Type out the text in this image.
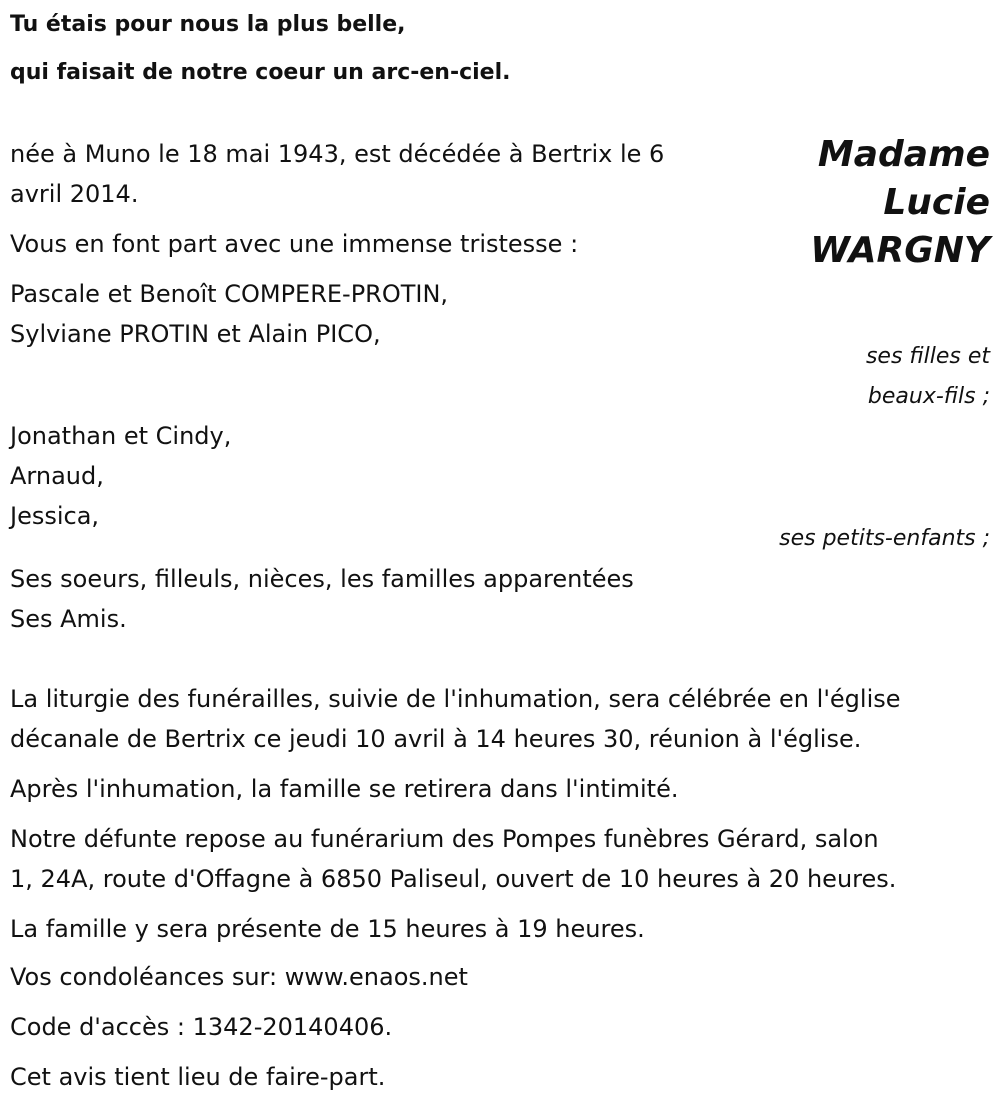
Tu étais pour nous la plus belle,

qui faisait de notre coeur un arc-en-ciel.

Madame

Lucie

WARGNY

née à Muno le 18 mai 1943, est décédée à Bertrix le 6

avril 2014.

Vous en font part avec une immense tristesse :

Pascale et Benoît COMPERE-PROTIN,

Sylviane PROTIN et Alain PICO,

ses filles et

beaux-fils ;

Jonathan et Cindy,

Arnaud,

Jessica,

ses petits-enfants ;

Ses soeurs, filleuls, nièces, les familles apparentées

Ses Amis.

La liturgie des funérailles, suivie de l'inhumation, sera célébrée en l'église

décanale de Bertrix ce jeudi 10 avril à 14 heures 30, réunion à l'église.

Après l'inhumation, la famille se retirera dans l'intimité.

Notre défunte repose au funérarium des Pompes funèbres Gérard, salon

1, 24A, route d'Offagne à 6850 Paliseul, ouvert de 10 heures à 20 heures.

La famille y sera présente de 15 heures à 19 heures.

Vos condoléances sur: www.enaos.net

Code d'accès : 1342-20140406.

Cet avis tient lieu de faire-part.
